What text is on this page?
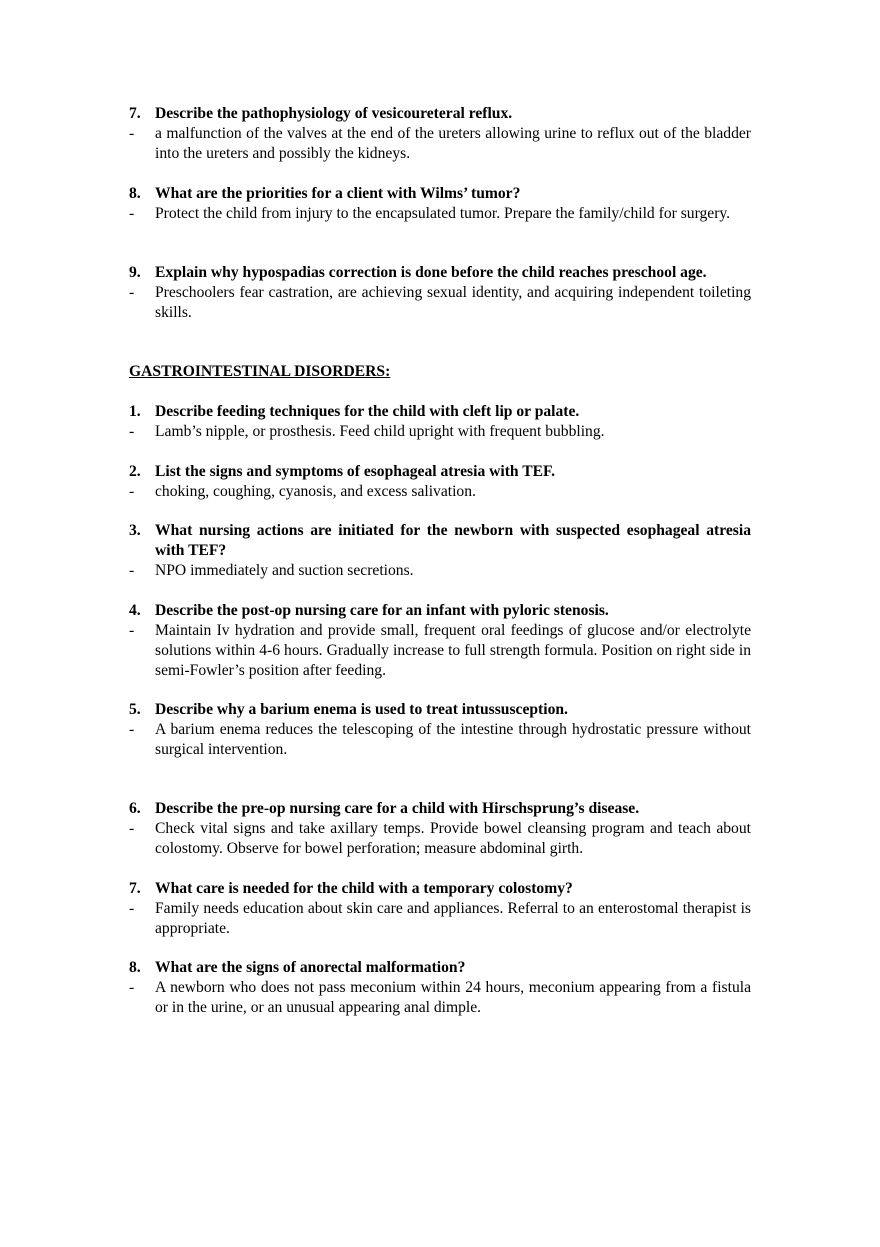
7. Describe the pathophysiology of vesicoureteral reflux.
-	a malfunction of the valves at the end of the ureters allowing urine to reflux out of the bladder into the ureters and possibly the kidneys.
8. What are the priorities for a client with Wilms’ tumor?
-	Protect the child from injury to the encapsulated tumor. Prepare the family/child for surgery.
9. Explain why hypospadias correction is done before the child reaches preschool age.
-	Preschoolers fear castration, are achieving sexual identity, and acquiring independent toileting skills.
GASTROINTESTINAL DISORDERS:
1. Describe feeding techniques for the child with cleft lip or palate.
-	Lamb’s nipple, or prosthesis. Feed child upright with frequent bubbling.
2. List the signs and symptoms of esophageal atresia with TEF.
-	choking, coughing, cyanosis, and excess salivation.
3. What nursing actions are initiated for the newborn with suspected esophageal atresia with TEF?
-	NPO immediately and suction secretions.
4. Describe the post-op nursing care for an infant with pyloric stenosis.
-	Maintain Iv hydration and provide small, frequent oral feedings of glucose and/or electrolyte solutions within 4-6 hours. Gradually increase to full strength formula. Position on right side in semi-Fowler’s position after feeding.
5. Describe why a barium enema is used to treat intussusception.
-	A barium enema reduces the telescoping of the intestine through hydrostatic pressure without surgical intervention.
6. Describe the pre-op nursing care for a child with Hirschsprung’s disease.
-	Check vital signs and take axillary temps. Provide bowel cleansing program and teach about colostomy. Observe for bowel perforation; measure abdominal girth.
7. What care is needed for the child with a temporary colostomy?
-	Family needs education about skin care and appliances. Referral to an enterostomal therapist is appropriate.
8. What are the signs of anorectal malformation?
-	A newborn who does not pass meconium within 24 hours, meconium appearing from a fistula or in the urine, or an unusual appearing anal dimple.
